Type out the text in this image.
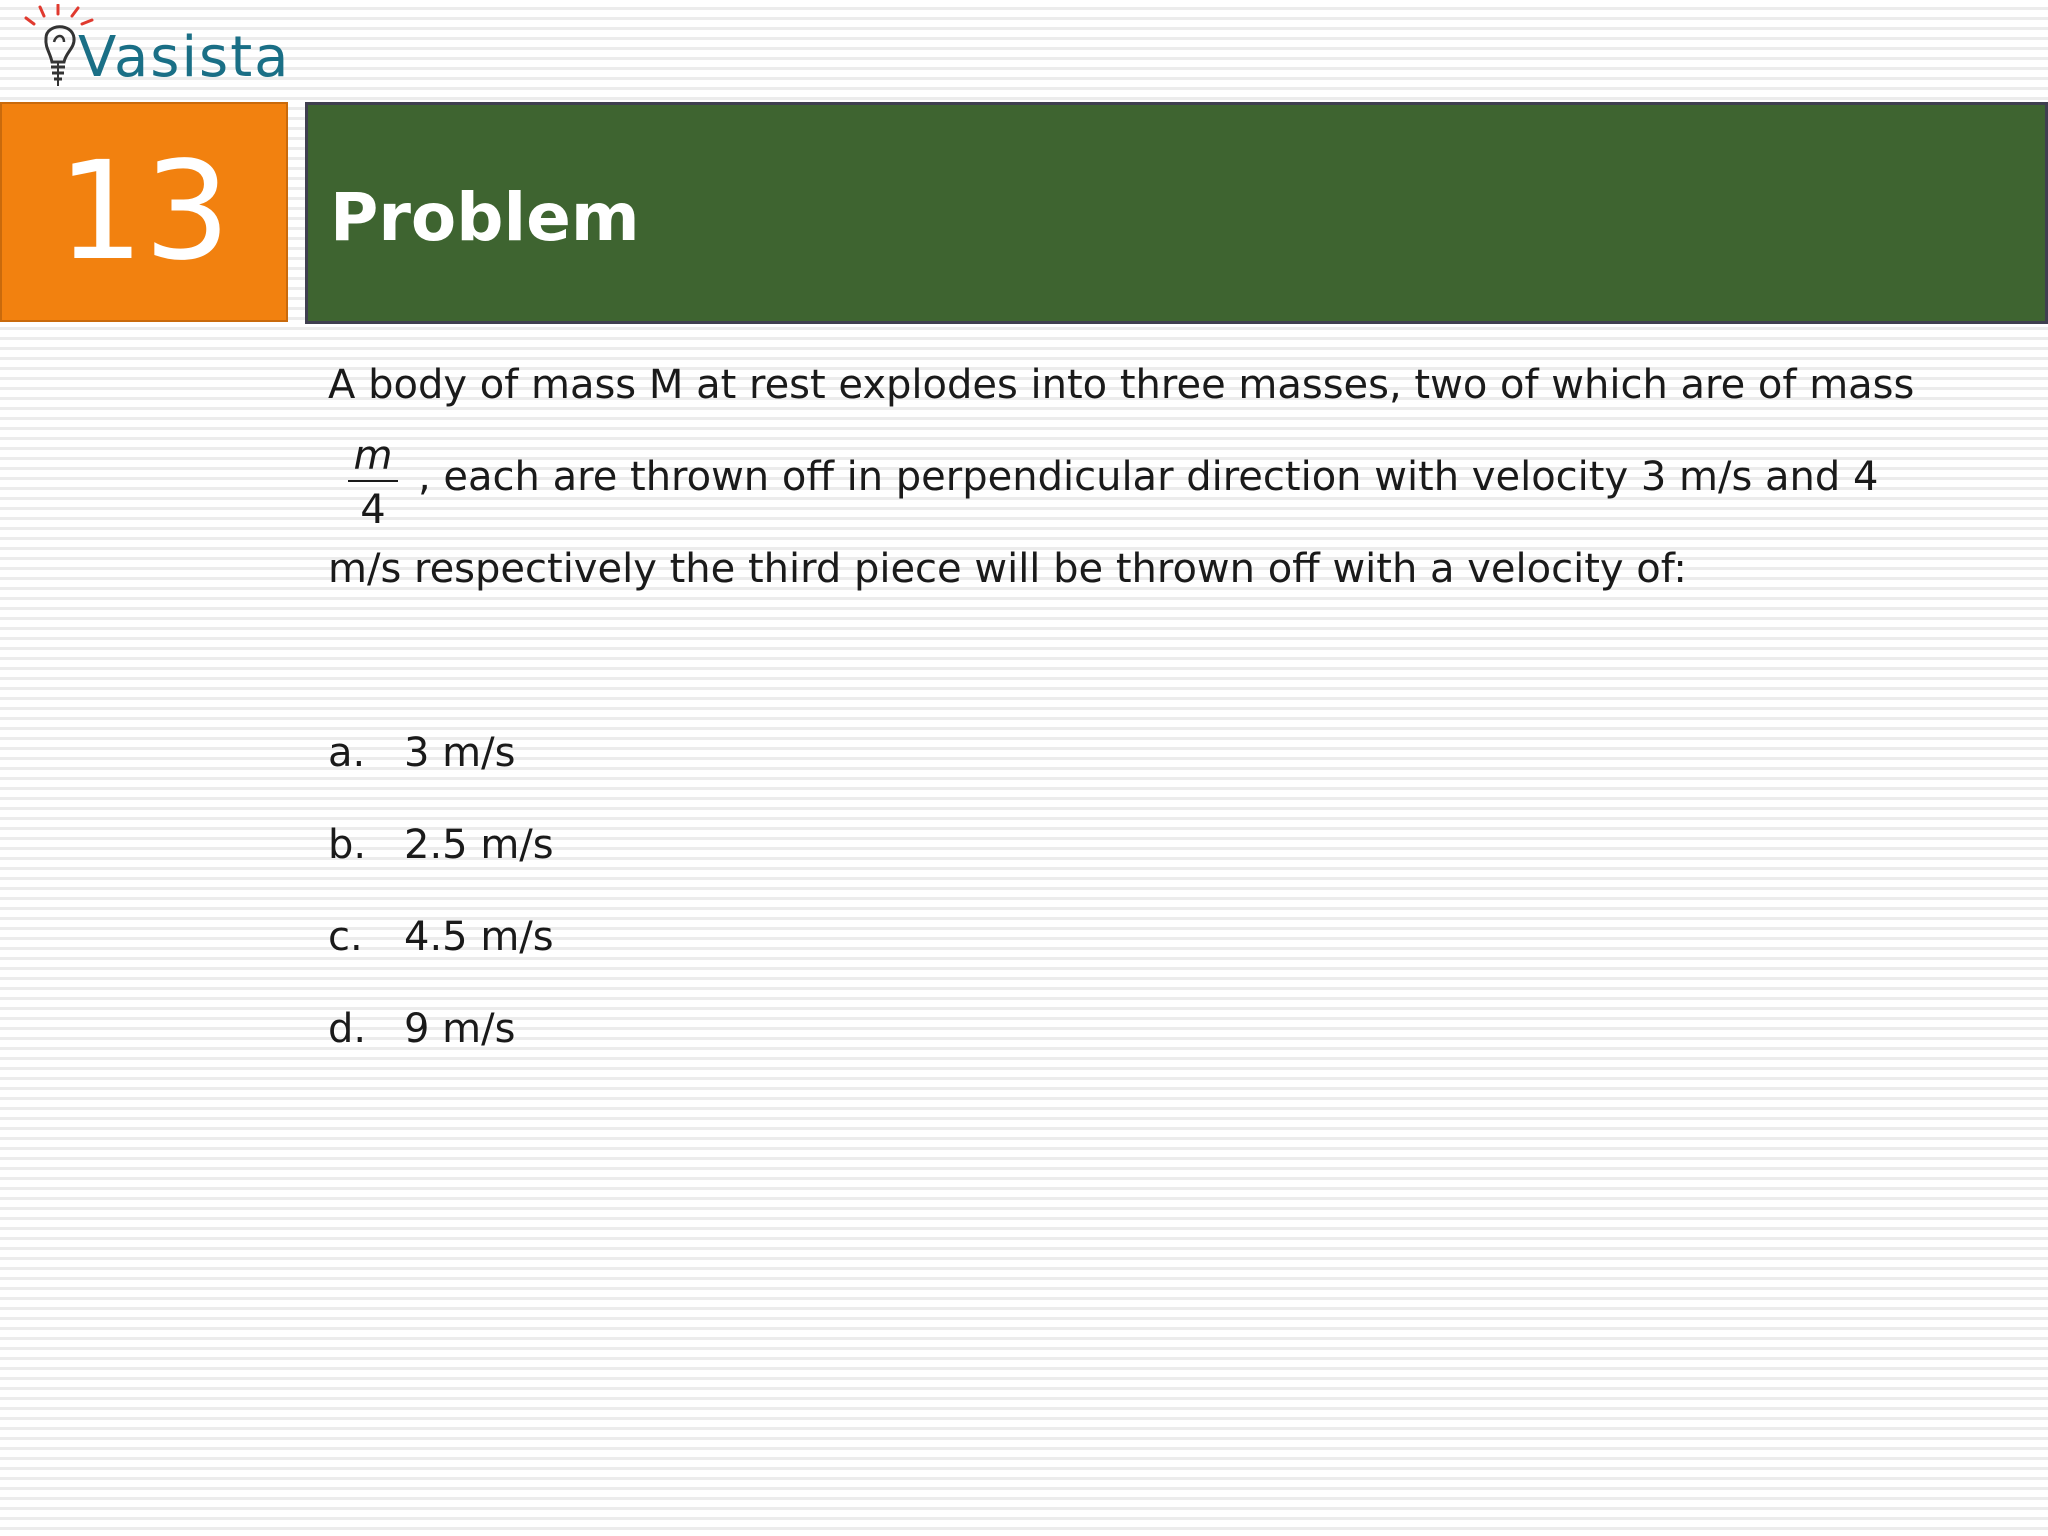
Vasista
13 Problem
A body of mass M at rest explodes into three masses, two of which are of mass
m
4
, each are thrown off in perpendicular direction with velocity 3 m/s and 4
m/s respectively the third piece will be thrown off with a velocity of:
a. 3 m/s
b. 2.5 m/s
c. 4.5 m/s
d. 9 m/s
